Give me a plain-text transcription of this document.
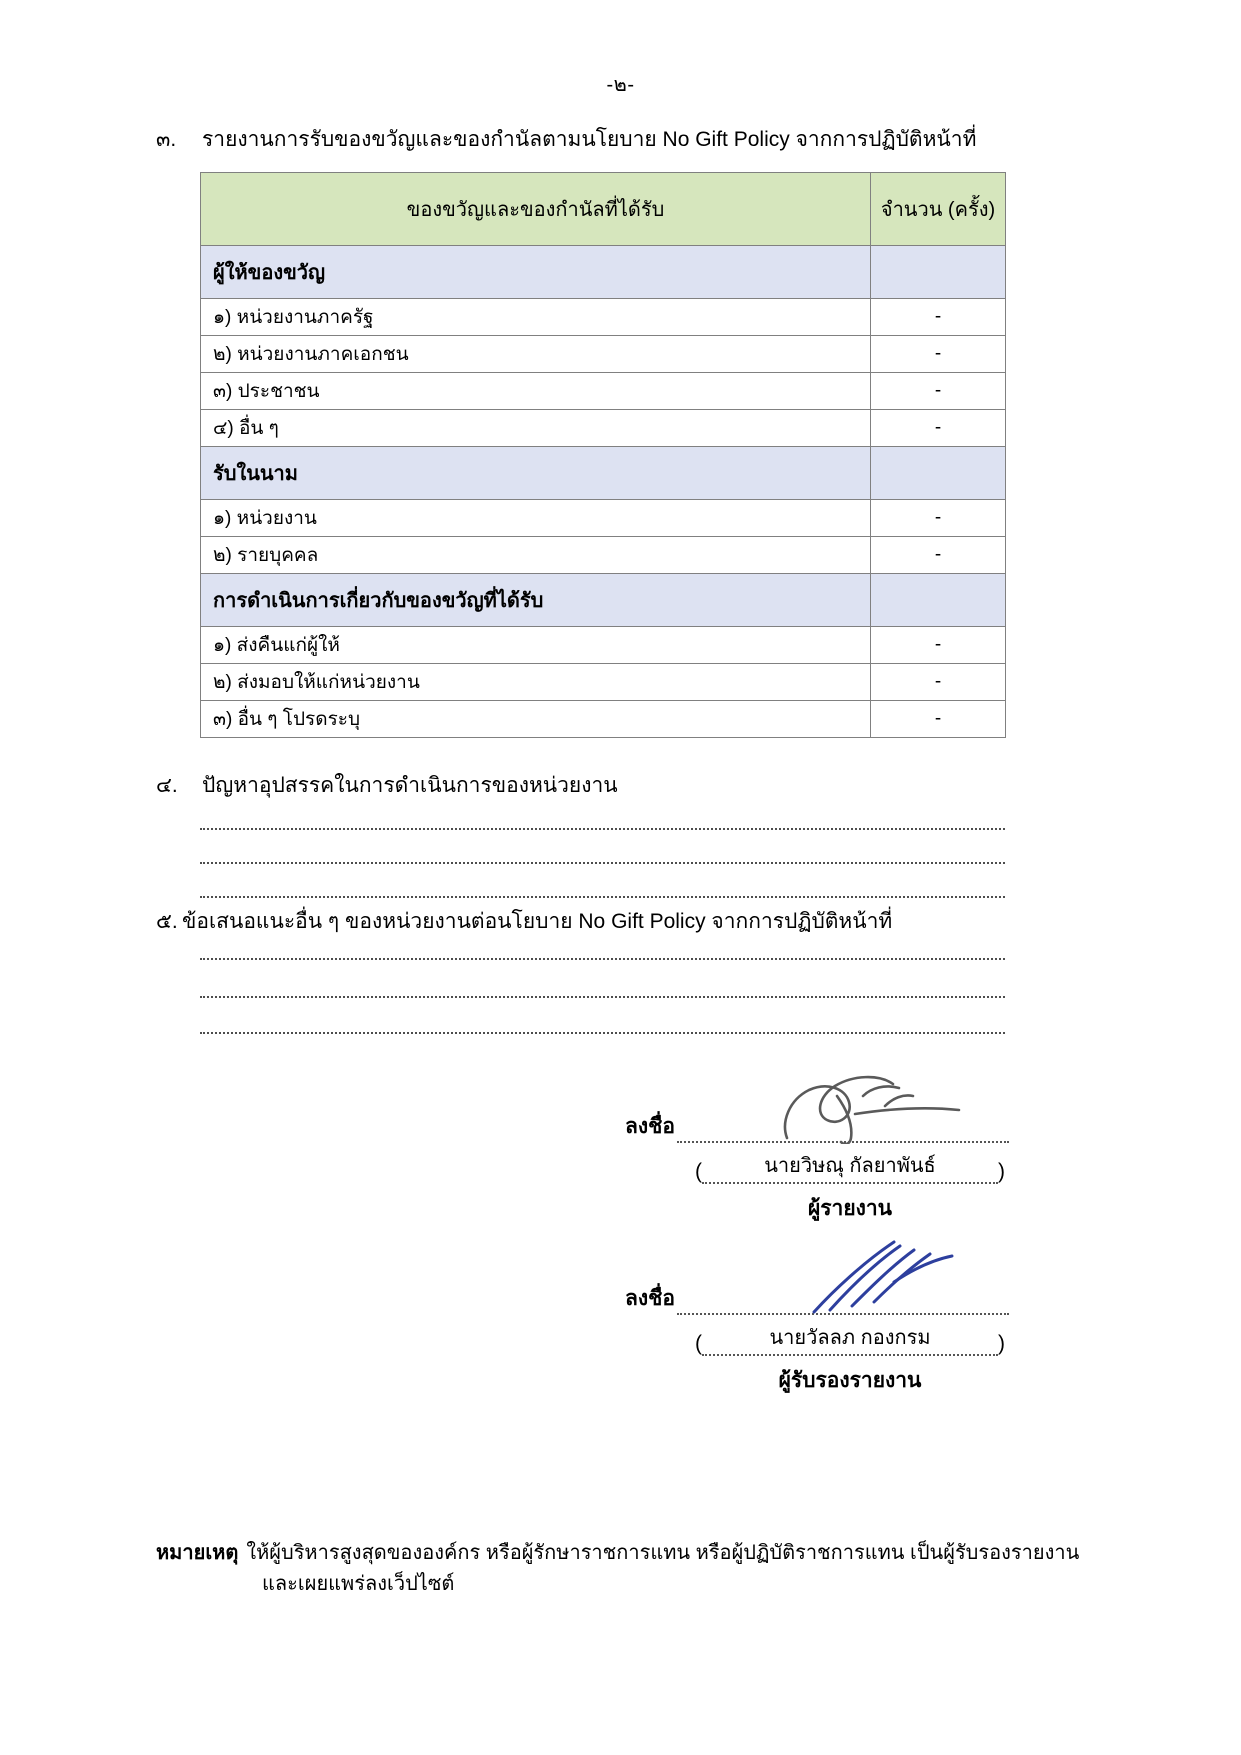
-๒-
๓.	รายงานการรับของขวัญและของกำนัลตามนโยบาย No Gift Policy จากการปฏิบัติหน้าที่
ของขวัญและของกำนัลที่ได้รับ	จำนวน (ครั้ง)
ผู้ให้ของขวัญ	
๑) หน่วยงานภาครัฐ	-
๒) หน่วยงานภาคเอกชน	-
๓) ประชาชน	-
๔) อื่น ๆ	-
รับในนาม	
๑) หน่วยงาน	-
๒) รายบุคคล	-
การดำเนินการเกี่ยวกับของขวัญที่ได้รับ	
๑) ส่งคืนแก่ผู้ให้	-
๒) ส่งมอบให้แก่หน่วยงาน	-
๓) อื่น ๆ โปรดระบุ	-
๔.	ปัญหาอุปสรรคในการดำเนินการของหน่วยงาน
๕. ข้อเสนอแนะอื่น ๆ ของหน่วยงานต่อนโยบาย No Gift Policy จากการปฏิบัติหน้าที่
ลงชื่อ
(	นายวิษณุ กัลยาพันธ์	)
ผู้รายงาน
ลงชื่อ
(	นายวัลลภ กองกรม	)
ผู้รับรองรายงาน
หมายเหตุ ให้ผู้บริหารสูงสุดขององค์กร หรือผู้รักษาราชการแทน หรือผู้ปฏิบัติราชการแทน เป็นผู้รับรองรายงาน
และเผยแพร่ลงเว็ปไซต์
